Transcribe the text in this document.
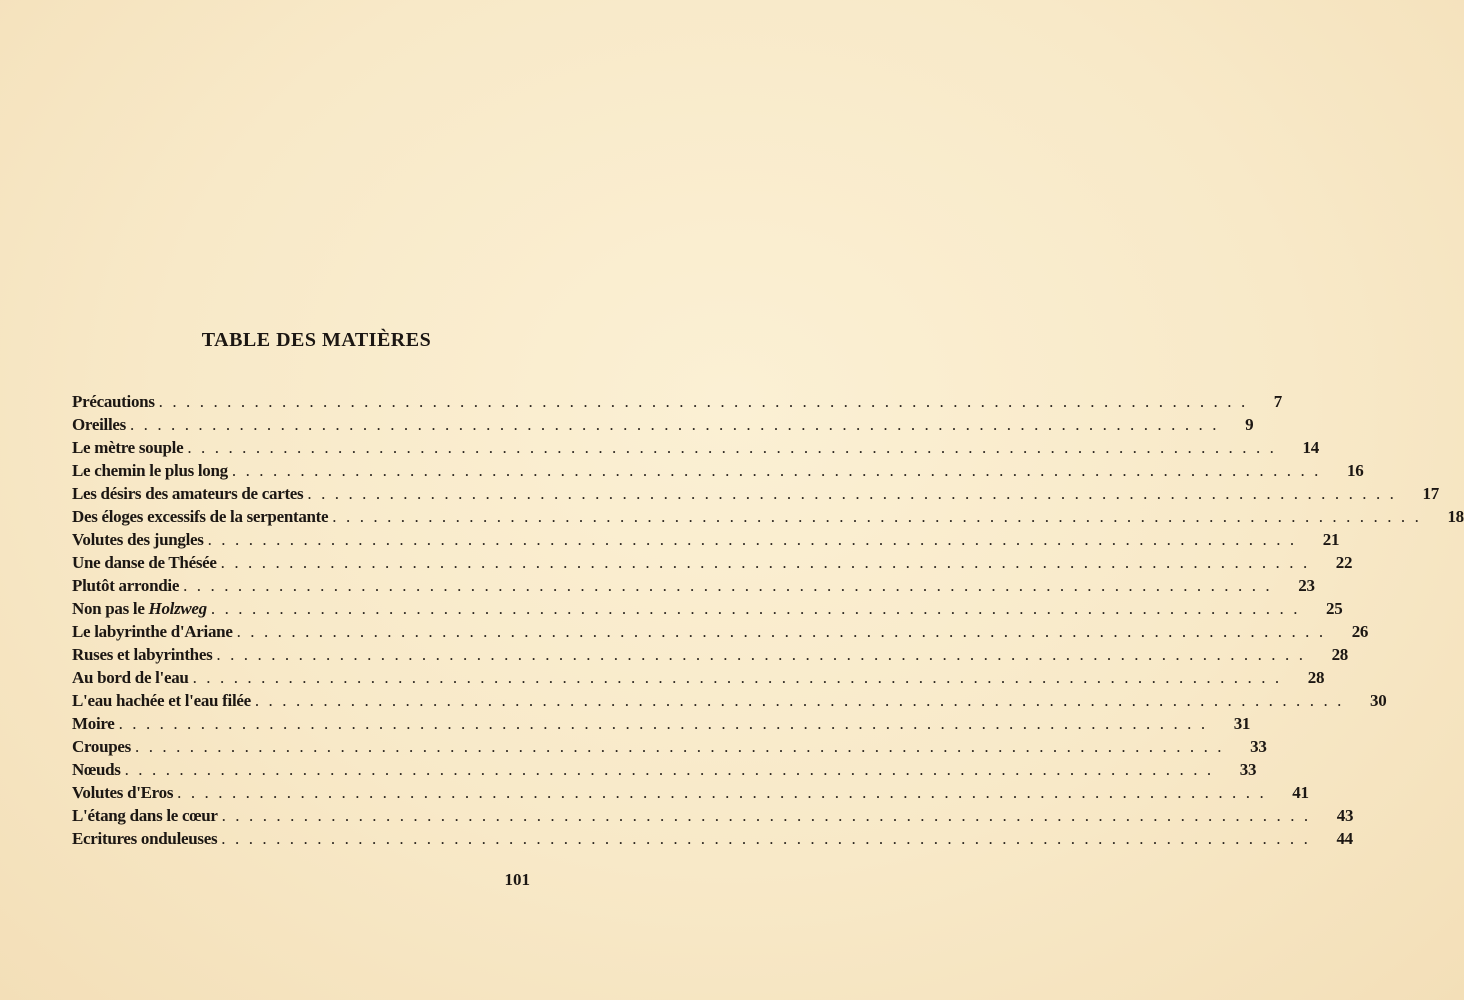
TABLE DES MATIÈRES
Précautions . . . . . . . . . . . . . . . . . . . . . . . . . . . . . . . . . . . . . . . . . . . . . . . . . . . . . . . . . . . . . . . . . . . . . . . . . . . . . . . . 7
Oreilles . . . . . . . . . . . . . . . . . . . . . . . . . . . . . . . . . . . . . . . . . . . . . . . . . . . . . . . . . . . . . . . . . . . . . . . . . . . . . . . . 9
Le mètre souple . . . . . . . . . . . . . . . . . . . . . . . . . . . . . . . . . . . . . . . . . . . . . . . . . . . . . . . . . . . . . . . . . . . . . . . . . . . . . . . . 14
Le chemin le plus long . . . . . . . . . . . . . . . . . . . . . . . . . . . . . . . . . . . . . . . . . . . . . . . . . . . . . . . . . . . . . . . . . . . . . . . . . . . . . . . . 16
Les désirs des amateurs de cartes . . . . . . . . . . . . . . . . . . . . . . . . . . . . . . . . . . . . . . . . . . . . . . . . . . . . . . . . . . . . . . . . . . . . . . . . . . . . . . . . 17
Des éloges excessifs de la serpentante . . . . . . . . . . . . . . . . . . . . . . . . . . . . . . . . . . . . . . . . . . . . . . . . . . . . . . . . . . . . . . . . . . . . . . . . . . . . . . . . 18
Volutes des jungles . . . . . . . . . . . . . . . . . . . . . . . . . . . . . . . . . . . . . . . . . . . . . . . . . . . . . . . . . . . . . . . . . . . . . . . . . . . . . . . . 21
Une danse de Thésée . . . . . . . . . . . . . . . . . . . . . . . . . . . . . . . . . . . . . . . . . . . . . . . . . . . . . . . . . . . . . . . . . . . . . . . . . . . . . . . . 22
Plutôt arrondie . . . . . . . . . . . . . . . . . . . . . . . . . . . . . . . . . . . . . . . . . . . . . . . . . . . . . . . . . . . . . . . . . . . . . . . . . . . . . . . . 23
Non pas le Holzweg . . . . . . . . . . . . . . . . . . . . . . . . . . . . . . . . . . . . . . . . . . . . . . . . . . . . . . . . . . . . . . . . . . . . . . . . . . . . . . . . 25
Le labyrinthe d'Ariane . . . . . . . . . . . . . . . . . . . . . . . . . . . . . . . . . . . . . . . . . . . . . . . . . . . . . . . . . . . . . . . . . . . . . . . . . . . . . . . . 26
Ruses et labyrinthes . . . . . . . . . . . . . . . . . . . . . . . . . . . . . . . . . . . . . . . . . . . . . . . . . . . . . . . . . . . . . . . . . . . . . . . . . . . . . . . . 28
Au bord de l'eau . . . . . . . . . . . . . . . . . . . . . . . . . . . . . . . . . . . . . . . . . . . . . . . . . . . . . . . . . . . . . . . . . . . . . . . . . . . . . . . . 28
L'eau hachée et l'eau filée . . . . . . . . . . . . . . . . . . . . . . . . . . . . . . . . . . . . . . . . . . . . . . . . . . . . . . . . . . . . . . . . . . . . . . . . . . . . . . . . 30
Moire . . . . . . . . . . . . . . . . . . . . . . . . . . . . . . . . . . . . . . . . . . . . . . . . . . . . . . . . . . . . . . . . . . . . . . . . . . . . . . . . 31
Croupes . . . . . . . . . . . . . . . . . . . . . . . . . . . . . . . . . . . . . . . . . . . . . . . . . . . . . . . . . . . . . . . . . . . . . . . . . . . . . . . . 33
Nœuds . . . . . . . . . . . . . . . . . . . . . . . . . . . . . . . . . . . . . . . . . . . . . . . . . . . . . . . . . . . . . . . . . . . . . . . . . . . . . . . . 33
Volutes d'Eros . . . . . . . . . . . . . . . . . . . . . . . . . . . . . . . . . . . . . . . . . . . . . . . . . . . . . . . . . . . . . . . . . . . . . . . . . . . . . . . . 41
L'étang dans le cœur . . . . . . . . . . . . . . . . . . . . . . . . . . . . . . . . . . . . . . . . . . . . . . . . . . . . . . . . . . . . . . . . . . . . . . . . . . . . . . . . 43
Ecritures onduleuses . . . . . . . . . . . . . . . . . . . . . . . . . . . . . . . . . . . . . . . . . . . . . . . . . . . . . . . . . . . . . . . . . . . . . . . . . . . . . . . . 44
101
